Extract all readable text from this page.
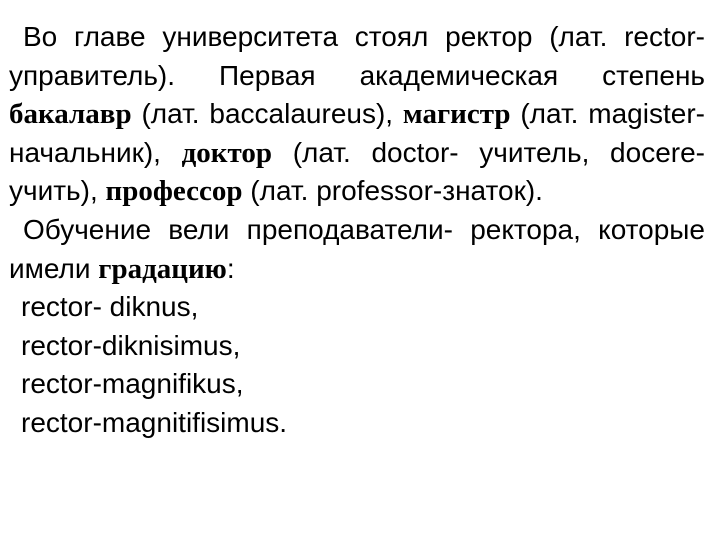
Во главе университета стоял ректор (лат. rector-управитель). Первая академическая степень бакалавр (лат. baccalaureus), магистр (лат. magister- начальник), доктор (лат. doctor- учитель, docere-учить), профессор (лат. professor-знаток).

Обучение вели преподаватели- ректора, которые имели градацию:

rector- diknus,

rector-diknisimus,

rector-magnifikus,

rector-magnitifisimus.
